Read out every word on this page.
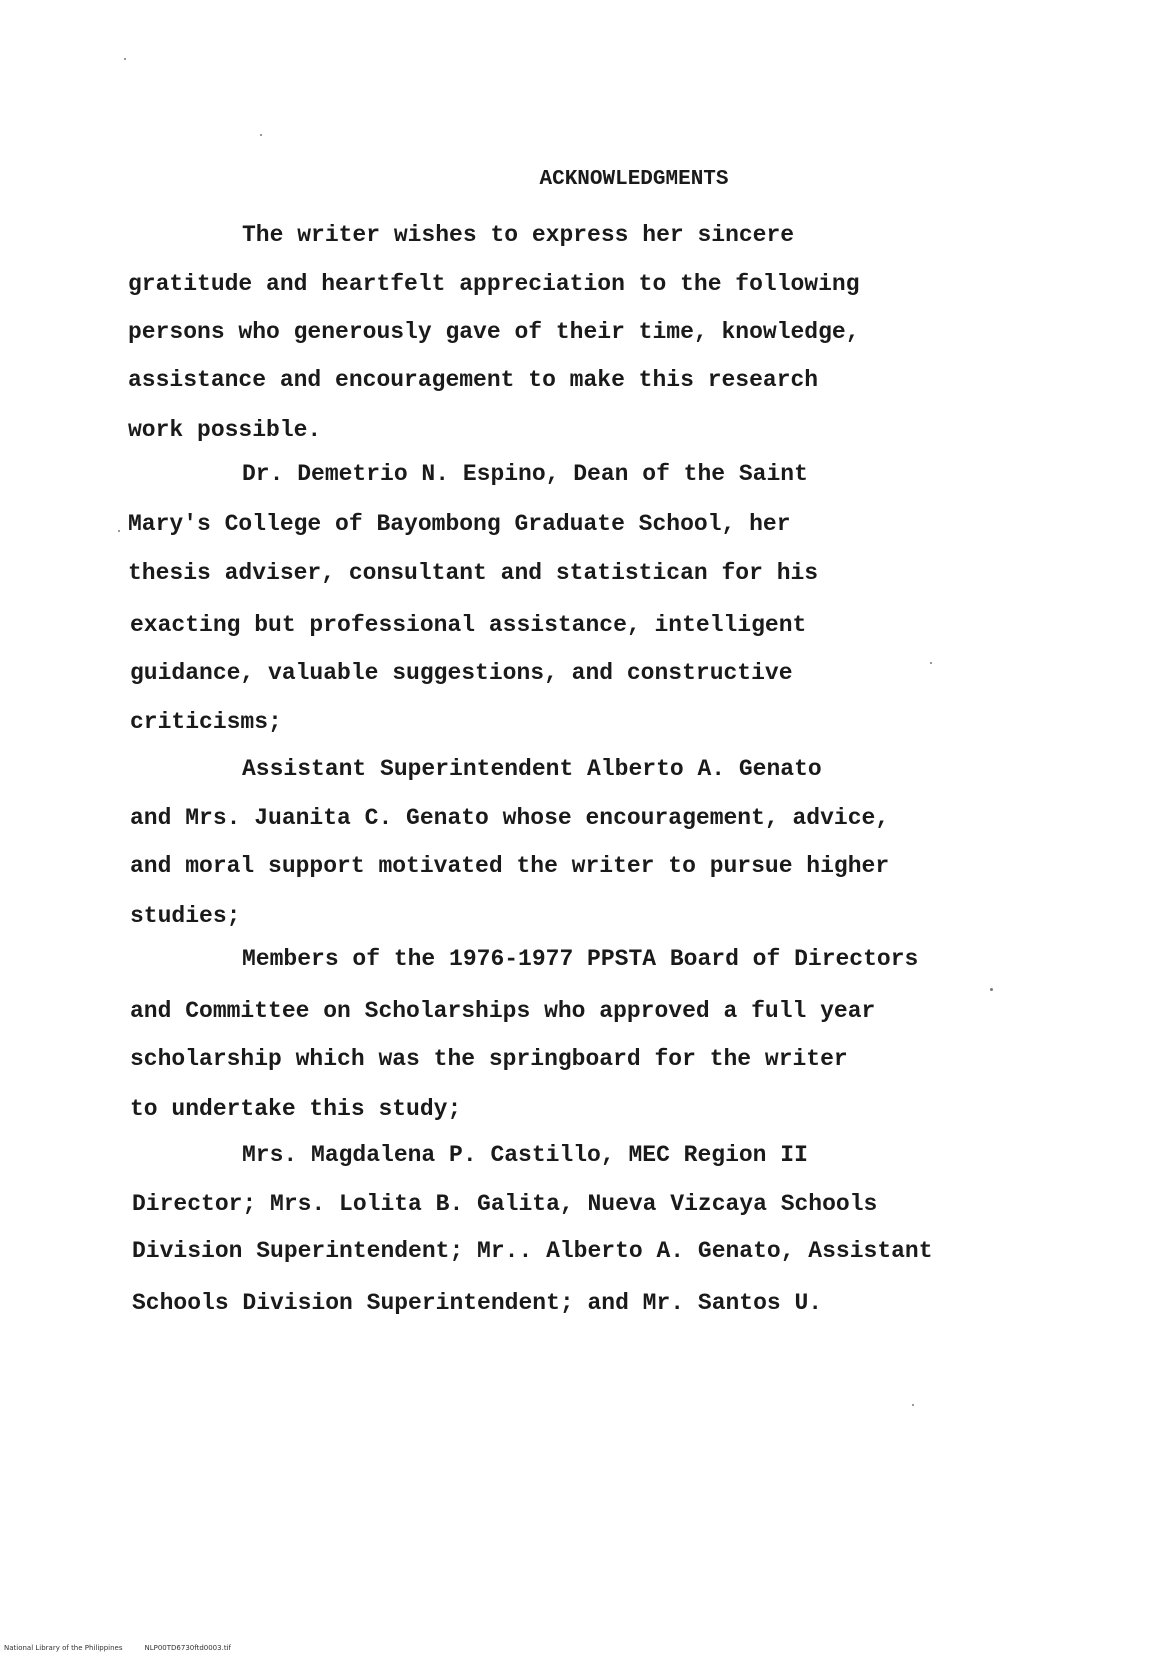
ACKNOWLEDGMENTS
The writer wishes to express her sincere
gratitude and heartfelt appreciation to the following
persons who generously gave of their time, knowledge,
assistance and encouragement to make this research
work possible.
Dr. Demetrio N. Espino, Dean of the Saint
Mary's College of Bayombong Graduate School, her
thesis adviser, consultant and statistican for his
exacting but professional assistance, intelligent
guidance, valuable suggestions, and constructive
criticisms;
Assistant Superintendent Alberto A. Genato
and Mrs. Juanita C. Genato whose encouragement, advice,
and moral support motivated the writer to pursue higher
studies;
Members of the 1976-1977 PPSTA Board of Directors
and Committee on Scholarships who approved a full year
scholarship which was the springboard for the writer
to undertake this study;
Mrs. Magdalena P. Castillo, MEC Region II
Director; Mrs. Lolita B. Galita, Nueva Vizcaya Schools
Division Superintendent; Mr.. Alberto A. Genato, Assistant
Schools Division Superintendent; and Mr. Santos U.
National Library of the Philippines	NLP00TD6730ftd0003.tif
